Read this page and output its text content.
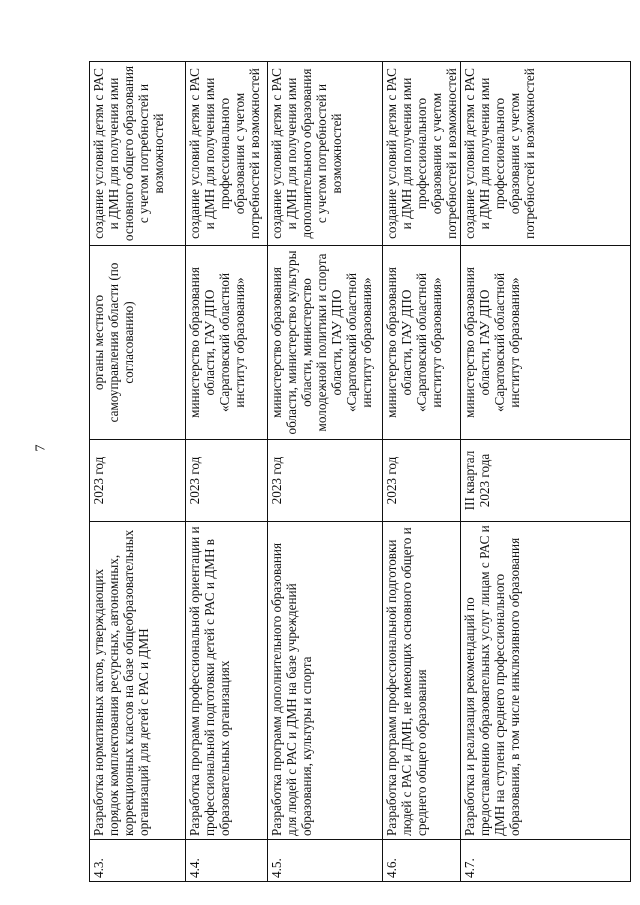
7
4.3.	Разработка нормативных актов, утверждающих порядок комплектования ресурсных, автономных, коррекционных классов на базе общеобразовательных организаций для детей с РАС и ДМН	2023 год	органы местного самоуправления области (по согласованию)	создание условий детям с РАС и ДМН для получения ими основного общего образования с учетом потребностей и возможностей
4.4.	Разработка программ профессиональной ориентации и профессиональной подготовки детей с РАС и ДМН в образовательных организациях	2023 год	министерство образования области, ГАУ ДПО «Саратовский областной институт образования»	создание условий детям с РАС и ДМН для получения ими профессионального образования с учетом потребностей и возможностей
4.5.	Разработка программ дополнительного образования для людей с РАС и ДМН на базе учреждений образования, культуры и спорта	2023 год	министерство образования области, министерство культуры области, министерство молодежной политики и спорта области, ГАУ ДПО «Саратовский областной институт образования»	создание условий детям с РАС и ДМН для получения ими дополнительного образования с учетом потребностей и возможностей
4.6.	Разработка программ профессиональной подготовки людей с РАС и ДМН, не имеющих основного общего и среднего общего образования	2023 год	министерство образования области, ГАУ ДПО «Саратовский областной институт образования»	создание условий детям с РАС и ДМН для получения ими профессионального образования с учетом потребностей и возможностей
4.7.	Разработка и реализация рекомендаций по предоставлению образовательных услуг лицам с РАС и ДМН на ступени среднего профессионального образования, в том числе инклюзивного образования	III квартал 2023 года	министерство образования области, ГАУ ДПО «Саратовский областной институт образования»	создание условий детям с РАС и ДМН для получения ими профессионального образования с учетом потребностей и возможностей
